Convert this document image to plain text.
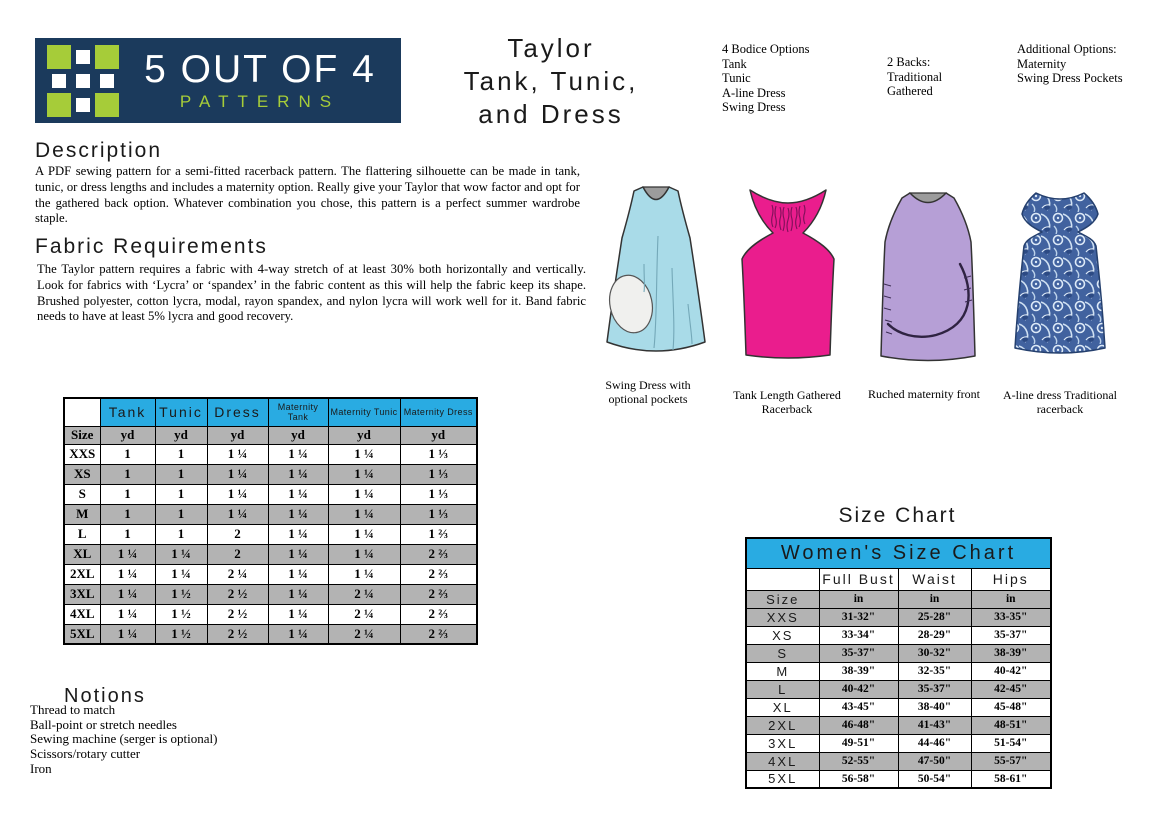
5 OUT OF 4
PATTERNS
Taylor
Tank, Tunic,
and Dress
4 Bodice Options
Tank
Tunic
A-line Dress
Swing Dress
2 Backs:
Traditional
Gathered
Additional Options:
Maternity
Swing Dress Pockets
Description
A PDF sewing pattern for a semi-fitted racerback pattern. The flattering silhouette can be made in tank, tunic, or dress lengths and includes a maternity option. Really give your Taylor that wow factor and opt for the gathered back option. Whatever combination you chose, this pattern is a perfect summer wardrobe staple.
Fabric Requirements
The Taylor pattern requires a fabric with 4-way stretch of at least 30% both horizontally and vertically. Look for fabrics with ‘Lycra’ or ‘spandex’ in the fabric content as this will help the fabric keep its shape. Brushed polyester, cotton lycra, modal, rayon spandex, and nylon lycra will work well for it. Band fabric needs to have at least 5% lycra and good recovery.
	Tank	Tunic	Dress	Maternity Tank	Maternity Tunic	Maternity Dress
Size	yd	yd	yd	yd	yd	yd
XXS	1	1	1 ¼	1 ¼	1 ¼	1 ⅓
XS	1	1	1 ¼	1 ¼	1 ¼	1 ⅓
S	1	1	1 ¼	1 ¼	1 ¼	1 ⅓
M	1	1	1 ¼	1 ¼	1 ¼	1 ⅓
L	1	1	2	1 ¼	1 ¼	1 ⅔
XL	1 ¼	1 ¼	2	1 ¼	1 ¼	2 ⅔
2XL	1 ¼	1 ¼	2 ¼	1 ¼	1 ¼	2 ⅔
3XL	1 ¼	1 ½	2 ½	1 ¼	2 ¼	2 ⅔
4XL	1 ¼	1 ½	2 ½	1 ¼	2 ¼	2 ⅔
5XL	1 ¼	1 ½	2 ½	1 ¼	2 ¼	2 ⅔
Swing Dress with optional pockets	Tank Length Gathered Racerback
Ruched maternity front	A-line dress Traditional racerback
Size Chart
Women's Size Chart			
	Full Bust	Waist	Hips
Size	in	in	in
XXS	31-32"	25-28"	33-35"
XS	33-34"	28-29"	35-37"
S	35-37"	30-32"	38-39"
M	38-39"	32-35"	40-42"
L	40-42"	35-37"	42-45"
XL	43-45"	38-40"	45-48"
2XL	46-48"	41-43"	48-51"
3XL	49-51"	44-46"	51-54"
4XL	52-55"	47-50"	55-57"
5XL	56-58"	50-54"	58-61"
Notions
Thread to match
Ball-point or stretch needles
Sewing machine (serger is optional)
Scissors/rotary cutter
Iron
